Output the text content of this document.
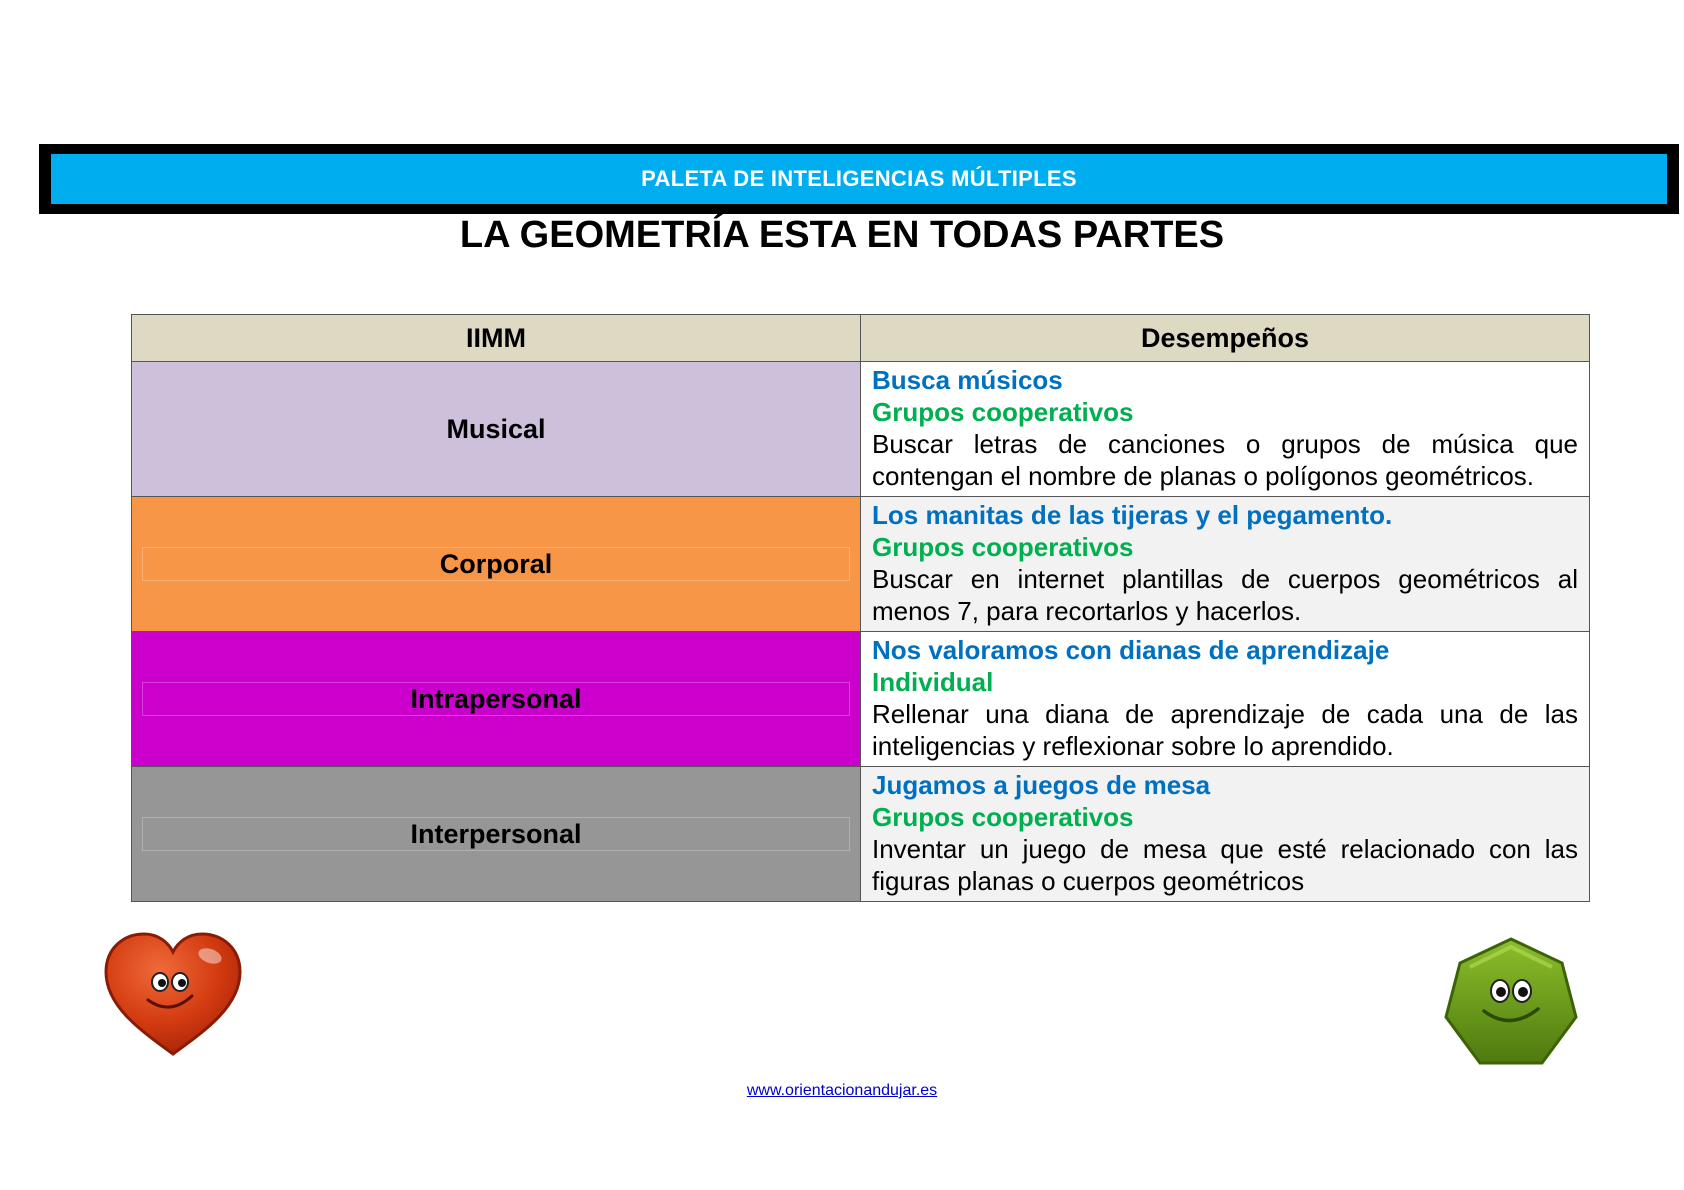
PALETA DE INTELIGENCIAS MÚLTIPLES
LA GEOMETRÍA ESTA EN TODAS PARTES
IIMM	Desempeños

Musical	Busca músicos
Grupos cooperativos
Buscar letras de canciones o grupos de música que contengan el nombre de planas o polígonos geométricos.

Corporal	Los manitas de las tijeras y el pegamento.
Grupos cooperativos
Buscar en internet plantillas de cuerpos geométricos al menos 7, para recortarlos y hacerlos.

Intrapersonal	Nos valoramos con dianas de aprendizaje
Individual
Rellenar una diana de aprendizaje de cada una de las inteligencias y reflexionar sobre lo aprendido.

Interpersonal	Jugamos a juegos de mesa
Grupos cooperativos
Inventar un juego de mesa que esté relacionado con las figuras planas o cuerpos geométricos
www.orientacionandujar.es
